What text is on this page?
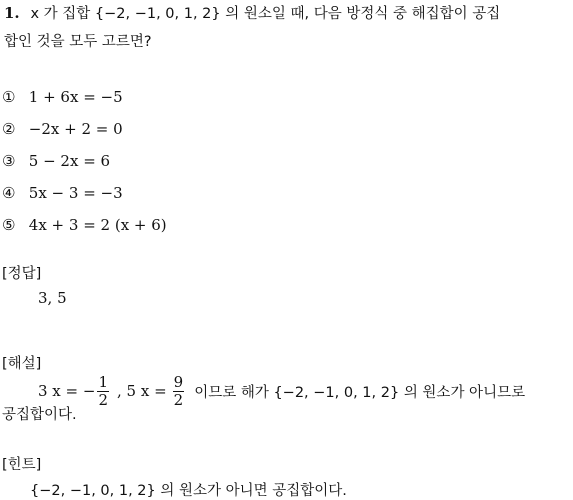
1. x 가 집합 {−2, −1, 0, 1, 2} 의 원소일 때, 다음 방정식 중 해집합이 공집
합인 것을 모두 고르면?
① 1 + 6x = −5
② −2x + 2 = 0
③ 5 − 2x = 6
④ 5x − 3 = −3
⑤ 4x + 3 = 2 (x + 6)
[정답]
3, 5
[해설]
3 x = − $\frac{1}{2}$ , 5 $x = \frac{9}{2}$ 이므로 해가 {−2, −1, 0, 1, 2} 의 원소가 아니므로
공집합이다.
[힌트]
{−2, −1, 0, 1, 2} 의 원소가 아니면 공집합이다.
